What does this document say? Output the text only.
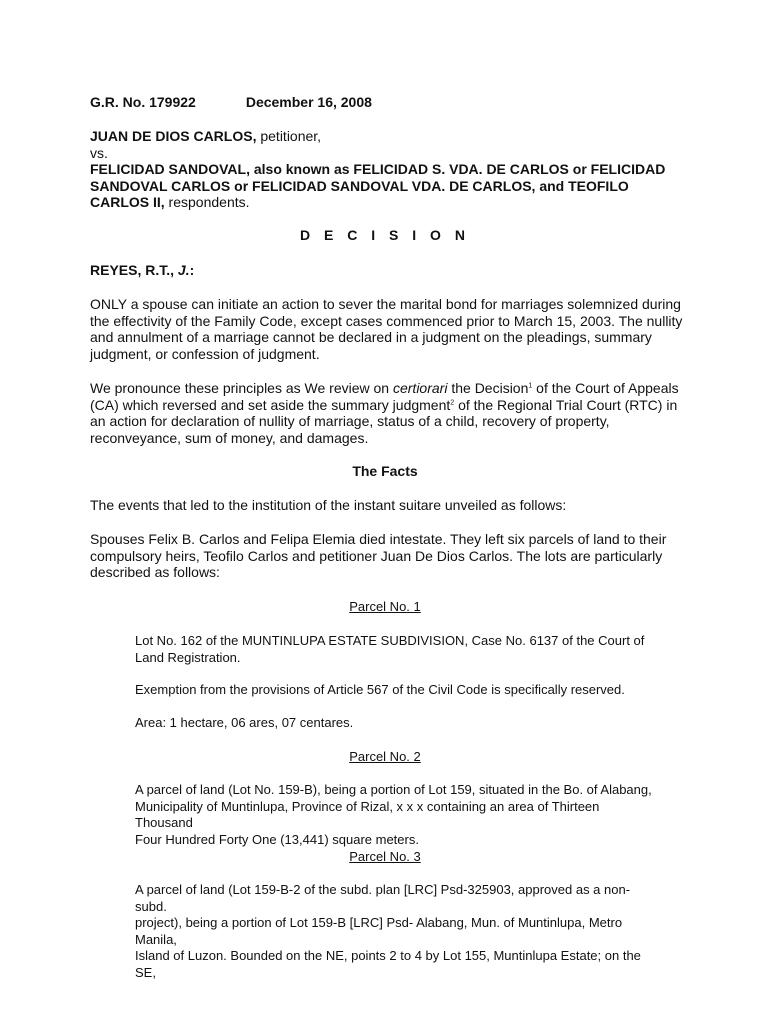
G.R. No. 179922	December 16, 2008

JUAN DE DIOS CARLOS, petitioner,

vs.

FELICIDAD SANDOVAL, also known as FELICIDAD S. VDA. DE CARLOS or FELICIDAD

SANDOVAL CARLOS or FELICIDAD SANDOVAL VDA. DE CARLOS, and TEOFILO

CARLOS II, respondents.

D E C I S I O N

REYES, R.T., J.:

ONLY a spouse can initiate an action to sever the marital bond for marriages solemnized during

the effectivity of the Family Code, except cases commenced prior to March 15, 2003. The nullity

and annulment of a marriage cannot be declared in a judgment on the pleadings, summary

judgment, or confession of judgment.

We pronounce these principles as We review on certiorari the Decision$^1$ of the Court of Appeals

(CA) which reversed and set aside the summary judgment$^2$ of the Regional Trial Court (RTC) in

an action for declaration of nullity of marriage, status of a child, recovery of property,

reconveyance, sum of money, and damages.

The Facts

The events that led to the institution of the instant suitare unveiled as follows:

Spouses Felix B. Carlos and Felipa Elemia died intestate. They left six parcels of land to their

compulsory heirs, Teofilo Carlos and petitioner Juan De Dios Carlos. The lots are particularly

described as follows:

Parcel No. 1

Lot No. 162 of the MUNTINLUPA ESTATE SUBDIVISION, Case No. 6137 of the Court of

Land Registration.

Exemption from the provisions of Article 567 of the Civil Code is specifically reserved.

Area: 1 hectare, 06 ares, 07 centares.

Parcel No. 2

A parcel of land (Lot No. 159-B), being a portion of Lot 159, situated in the Bo. of Alabang,

Municipality of Muntinlupa, Province of Rizal, x x x containing an area of Thirteen Thousand

Four Hundred Forty One (13,441) square meters.

Parcel No. 3

A parcel of land (Lot 159-B-2 of the subd. plan [LRC] Psd-325903, approved as a non-subd.

project), being a portion of Lot 159-B [LRC] Psd- Alabang, Mun. of Muntinlupa, Metro Manila,

Island of Luzon. Bounded on the NE, points 2 to 4 by Lot 155, Muntinlupa Estate; on the SE,
